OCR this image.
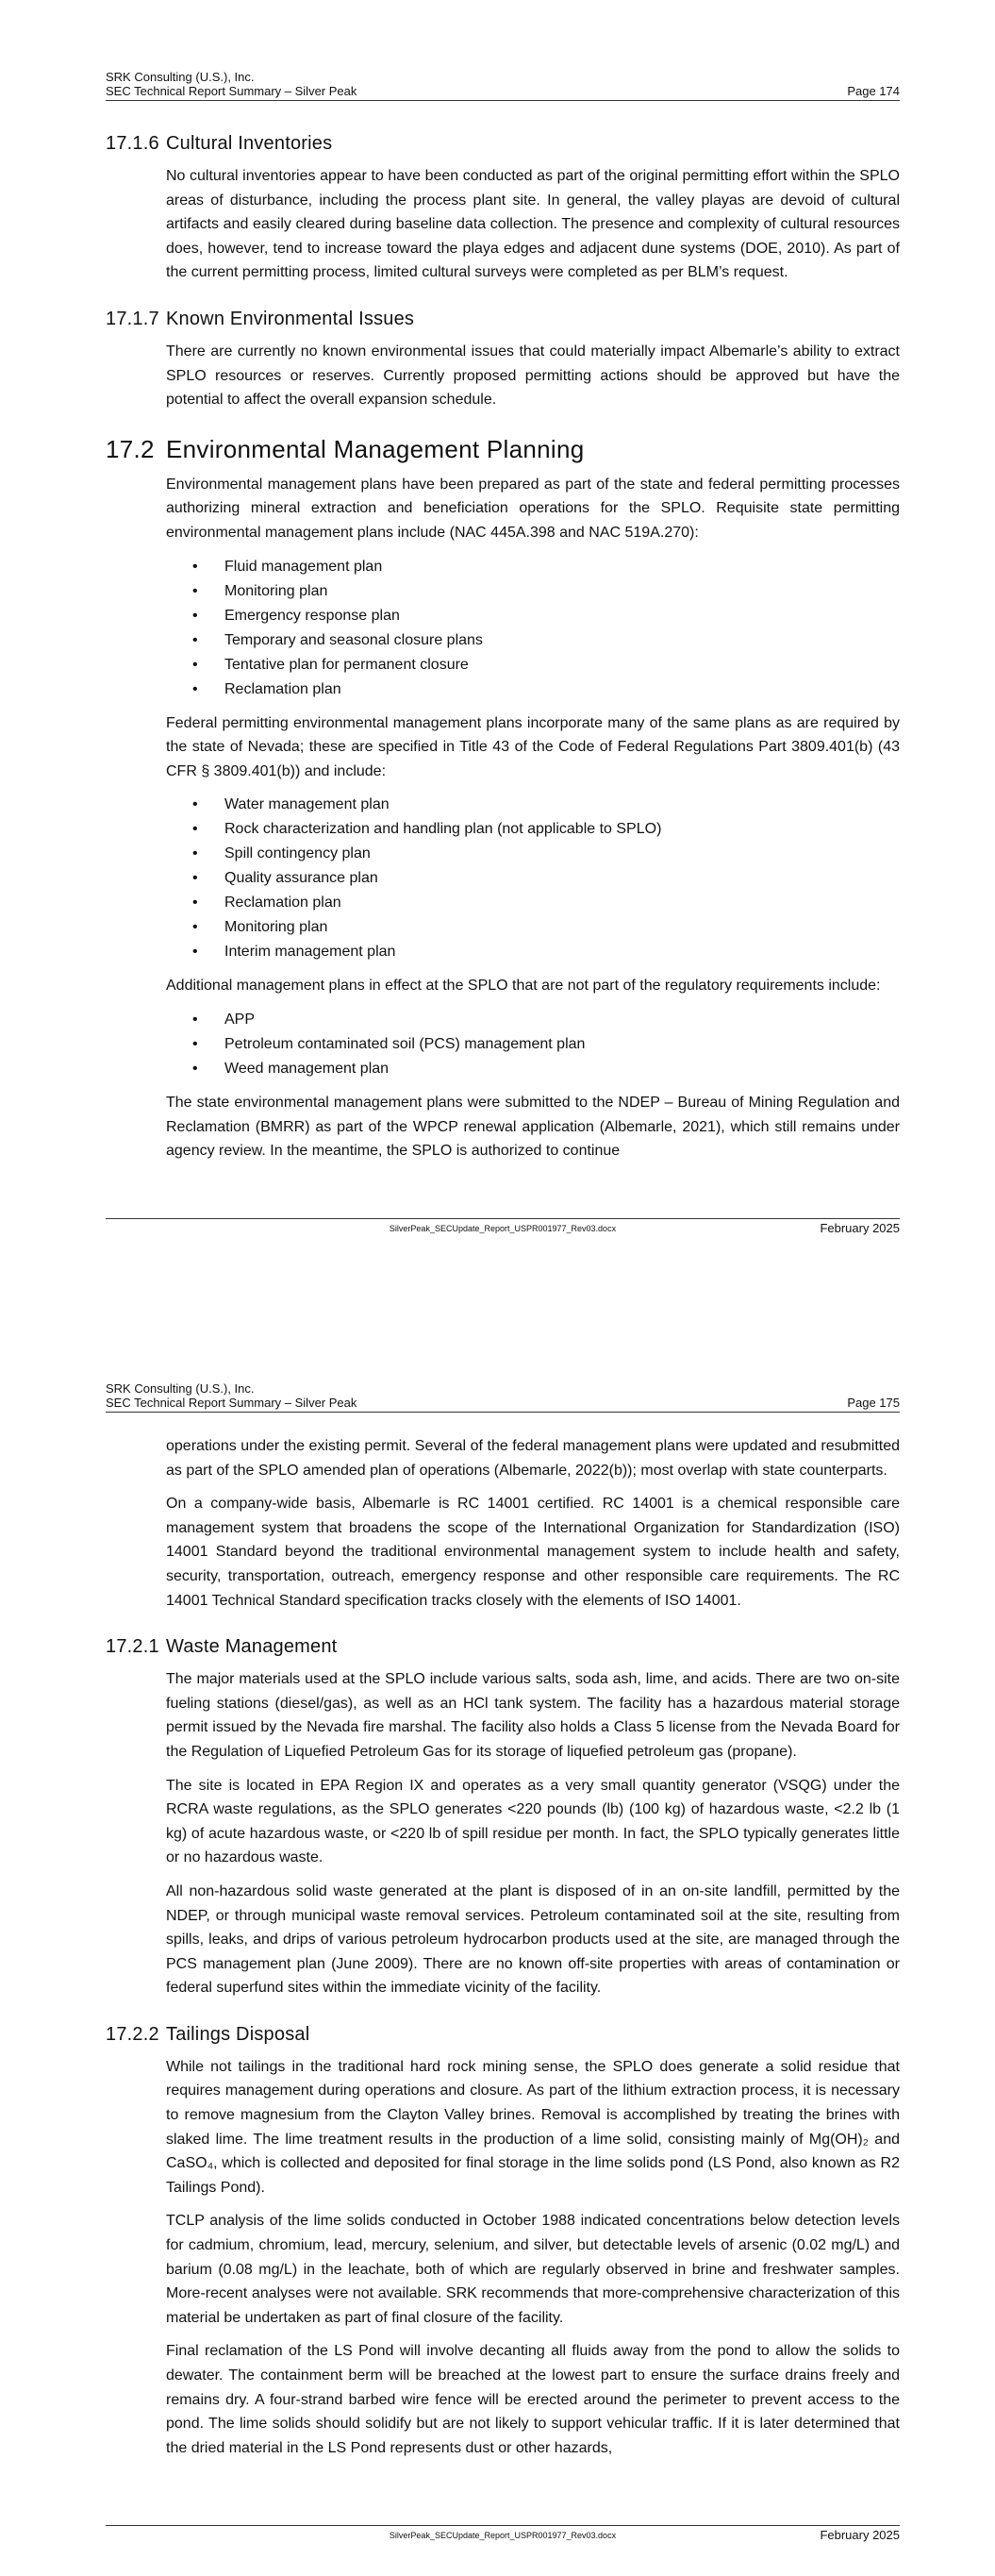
SRK Consulting (U.S.), Inc.
SEC Technical Report Summary – Silver Peak	Page 174
17.1.6 Cultural Inventories

No cultural inventories appear to have been conducted as part of the original permitting effort within the SPLO areas of disturbance, including the process plant site. In general, the valley playas are devoid of cultural artifacts and easily cleared during baseline data collection. The presence and complexity of cultural resources does, however, tend to increase toward the playa edges and adjacent dune systems (DOE, 2010). As part of the current permitting process, limited cultural surveys were completed as per BLM’s request.

17.1.7 Known Environmental Issues

There are currently no known environmental issues that could materially impact Albemarle’s ability to extract SPLO resources or reserves. Currently proposed permitting actions should be approved but have the potential to affect the overall expansion schedule.

17.2 Environmental Management Planning

Environmental management plans have been prepared as part of the state and federal permitting processes authorizing mineral extraction and beneficiation operations for the SPLO. Requisite state permitting environmental management plans include (NAC 445A.398 and NAC 519A.270):

• Fluid management plan
• Monitoring plan
• Emergency response plan
• Temporary and seasonal closure plans
• Tentative plan for permanent closure
• Reclamation plan

Federal permitting environmental management plans incorporate many of the same plans as are required by the state of Nevada; these are specified in Title 43 of the Code of Federal Regulations Part 3809.401(b) (43 CFR § 3809.401(b)) and include:

• Water management plan
• Rock characterization and handling plan (not applicable to SPLO)
• Spill contingency plan
• Quality assurance plan
• Reclamation plan
• Monitoring plan
• Interim management plan

Additional management plans in effect at the SPLO that are not part of the regulatory requirements include:

• APP
• Petroleum contaminated soil (PCS) management plan
• Weed management plan

The state environmental management plans were submitted to the NDEP – Bureau of Mining Regulation and Reclamation (BMRR) as part of the WPCP renewal application (Albemarle, 2021), which still remains under agency review. In the meantime, the SPLO is authorized to continue

SilverPeak_SECUpdate_Report_USPR001977_Rev03.docx	February 2025
SRK Consulting (U.S.), Inc.
SEC Technical Report Summary – Silver Peak	Page 175

operations under the existing permit. Several of the federal management plans were updated and resubmitted as part of the SPLO amended plan of operations (Albemarle, 2022(b)); most overlap with state counterparts.

On a company-wide basis, Albemarle is RC 14001 certified. RC 14001 is a chemical responsible care management system that broadens the scope of the International Organization for Standardization (ISO) 14001 Standard beyond the traditional environmental management system to include health and safety, security, transportation, outreach, emergency response and other responsible care requirements. The RC 14001 Technical Standard specification tracks closely with the elements of ISO 14001.

17.2.1 Waste Management

The major materials used at the SPLO include various salts, soda ash, lime, and acids. There are two on-site fueling stations (diesel/gas), as well as an HCl tank system. The facility has a hazardous material storage permit issued by the Nevada fire marshal. The facility also holds a Class 5 license from the Nevada Board for the Regulation of Liquefied Petroleum Gas for its storage of liquefied petroleum gas (propane).

The site is located in EPA Region IX and operates as a very small quantity generator (VSQG) under the RCRA waste regulations, as the SPLO generates <220 pounds (lb) (100 kg) of hazardous waste, <2.2 lb (1 kg) of acute hazardous waste, or <220 lb of spill residue per month. In fact, the SPLO typically generates little or no hazardous waste.

All non-hazardous solid waste generated at the plant is disposed of in an on-site landfill, permitted by the NDEP, or through municipal waste removal services. Petroleum contaminated soil at the site, resulting from spills, leaks, and drips of various petroleum hydrocarbon products used at the site, are managed through the PCS management plan (June 2009). There are no known off-site properties with areas of contamination or federal superfund sites within the immediate vicinity of the facility.

17.2.2 Tailings Disposal

While not tailings in the traditional hard rock mining sense, the SPLO does generate a solid residue that requires management during operations and closure. As part of the lithium extraction process, it is necessary to remove magnesium from the Clayton Valley brines. Removal is accomplished by treating the brines with slaked lime. The lime treatment results in the production of a lime solid, consisting mainly of Mg(OH)₂ and CaSO₄, which is collected and deposited for final storage in the lime solids pond (LS Pond, also known as R2 Tailings Pond).

TCLP analysis of the lime solids conducted in October 1988 indicated concentrations below detection levels for cadmium, chromium, lead, mercury, selenium, and silver, but detectable levels of arsenic (0.02 mg/L) and barium (0.08 mg/L) in the leachate, both of which are regularly observed in brine and freshwater samples. More-recent analyses were not available. SRK recommends that more-comprehensive characterization of this material be undertaken as part of final closure of the facility.

Final reclamation of the LS Pond will involve decanting all fluids away from the pond to allow the solids to dewater. The containment berm will be breached at the lowest part to ensure the surface drains freely and remains dry. A four-strand barbed wire fence will be erected around the perimeter to prevent access to the pond. The lime solids should solidify but are not likely to support vehicular traffic. If it is later determined that the dried material in the LS Pond represents dust or other hazards,

SilverPeak_SECUpdate_Report_USPR001977_Rev03.docx	February 2025
